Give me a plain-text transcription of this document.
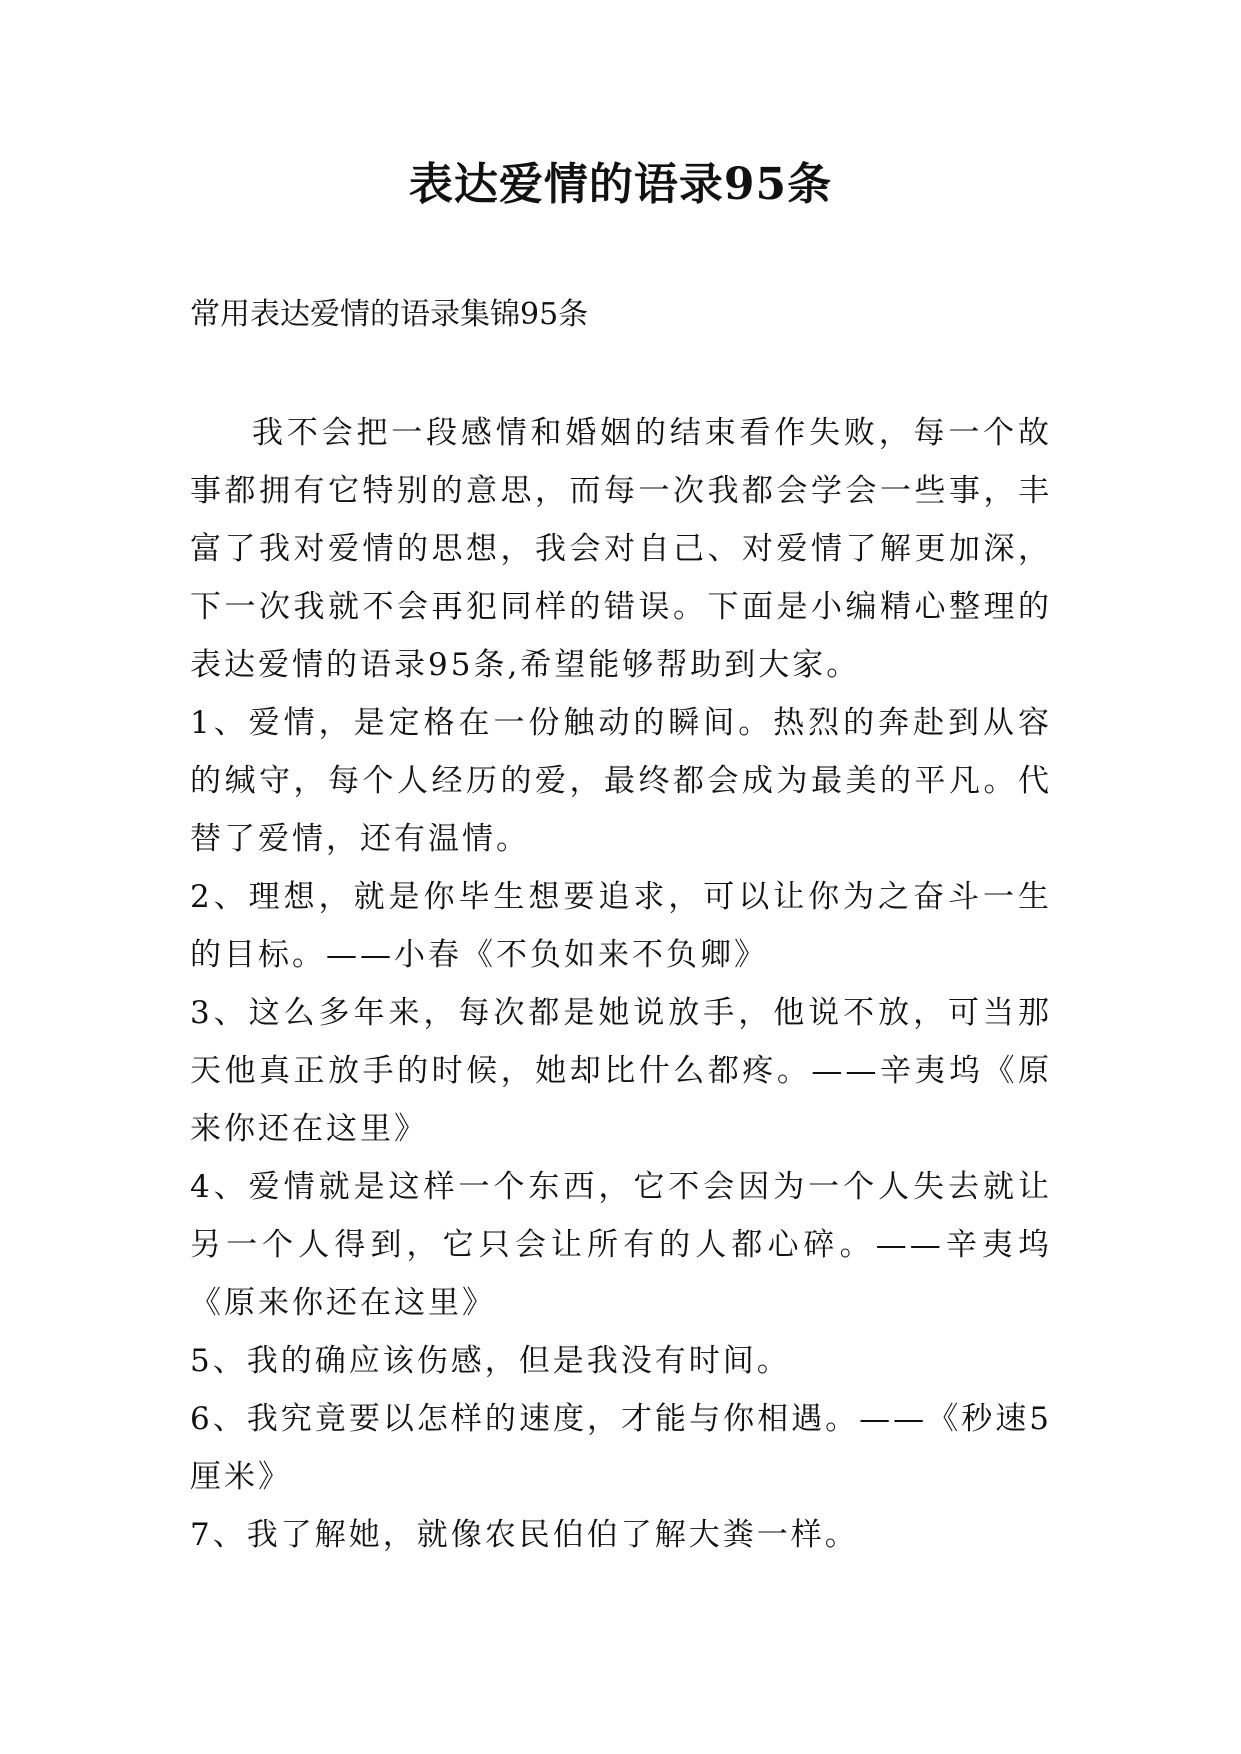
表达爱情的语录95条
常用表达爱情的语录集锦95条

我不会把一段感情和婚姻的结束看作失败，每一个故事都拥有它特别的意思，而每一次我都会学会一些事，丰富了我对爱情的思想，我会对自己、对爱情了解更加深，下一次我就不会再犯同样的错误。下面是小编精心整理的表达爱情的语录95条,希望能够帮助到大家。

1、爱情，是定格在一份触动的瞬间。热烈的奔赴到从容的缄守，每个人经历的爱，最终都会成为最美的平凡。代替了爱情，还有温情。

2、理想，就是你毕生想要追求，可以让你为之奋斗一生的目标。——小春《不负如来不负卿》

3、这么多年来，每次都是她说放手，他说不放，可当那天他真正放手的时候，她却比什么都疼。——辛夷坞《原来你还在这里》

4、爱情就是这样一个东西，它不会因为一个人失去就让另一个人得到，它只会让所有的人都心碎。——辛夷坞《原来你还在这里》

5、我的确应该伤感，但是我没有时间。

6、我究竟要以怎样的速度，才能与你相遇。——《秒速5厘米》

7、我了解她，就像农民伯伯了解大粪一样。
